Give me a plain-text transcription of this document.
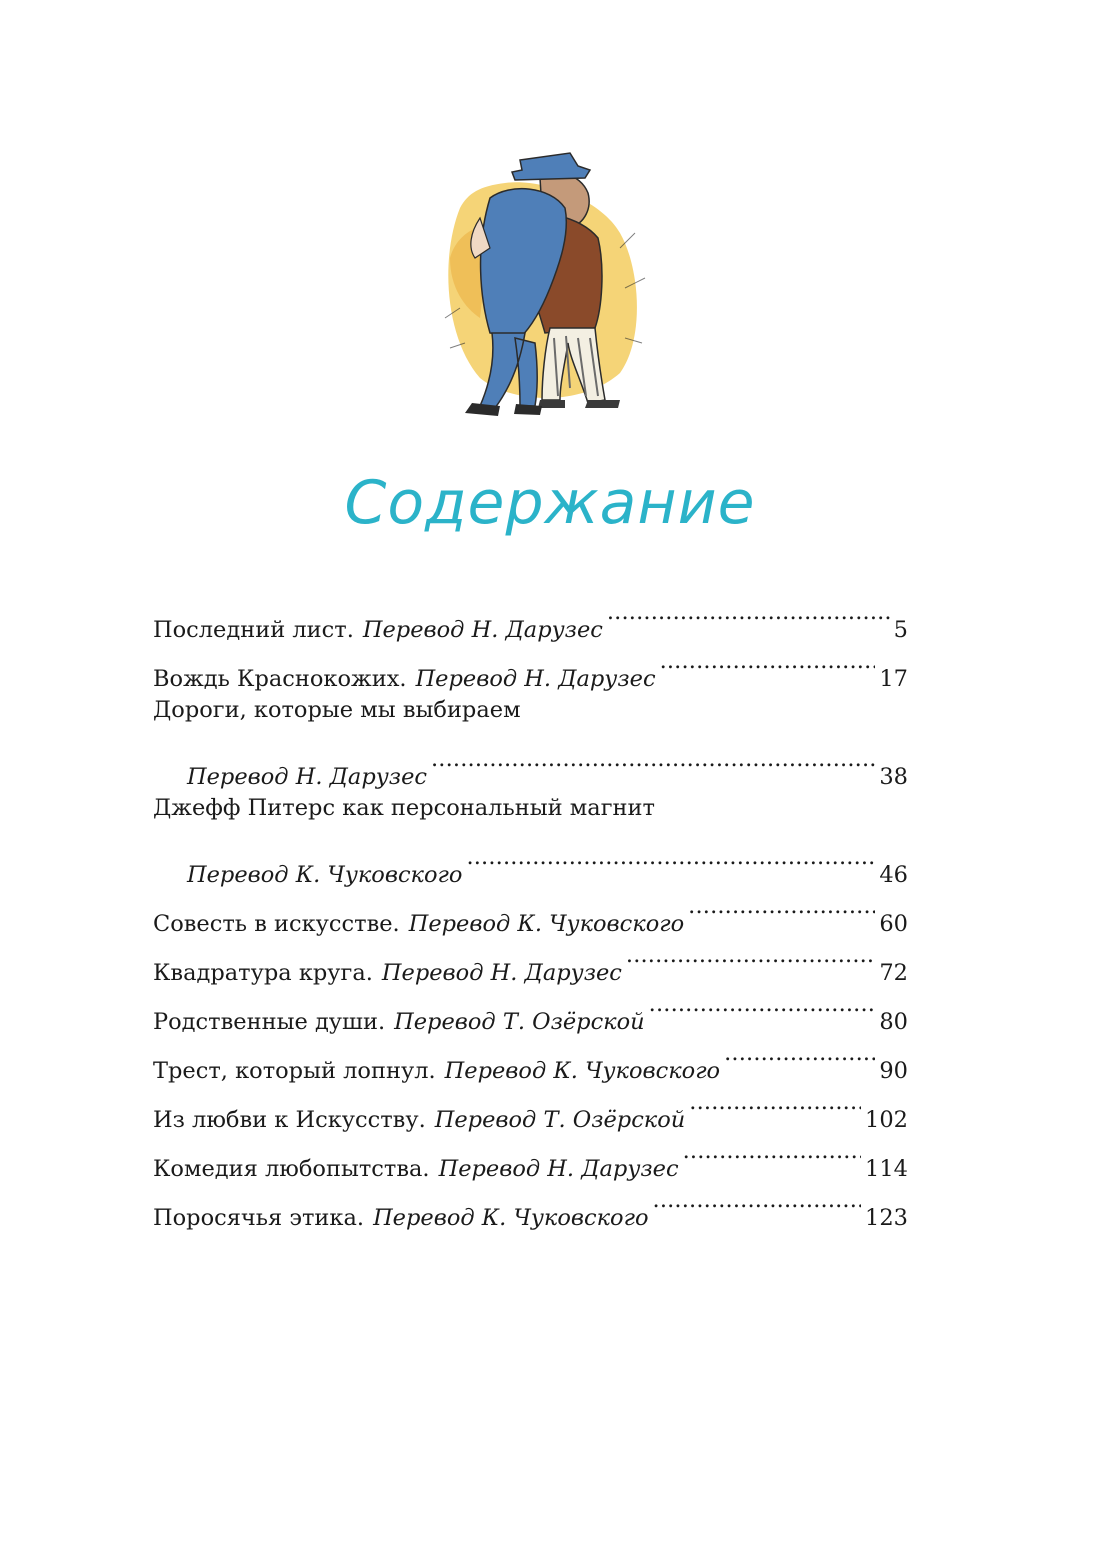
Содержание
Последний лист. Перевод Н. Дарузес . . .	5
Вождь Краснокожих. Перевод Н. Дарузес . . .	17
Дороги, которые мы выбираем
Перевод Н. Дарузес . . .	38
Джефф Питерс как персональный магнит
Перевод К. Чуковского . . .	46
Совесть в искусстве. Перевод К. Чуковского . . .	60
Квадратура круга. Перевод Н. Дарузес . . .	72
Родственные души. Перевод Т. Озёрской . . .	80
Трест, который лопнул. Перевод К. Чуковского . . .	90
Из любви к Искусству. Перевод Т. Озёрской . . .	102
Комедия любопытства. Перевод Н. Дарузес . . .	114
Поросячья этика. Перевод К. Чуковского . . .	123
